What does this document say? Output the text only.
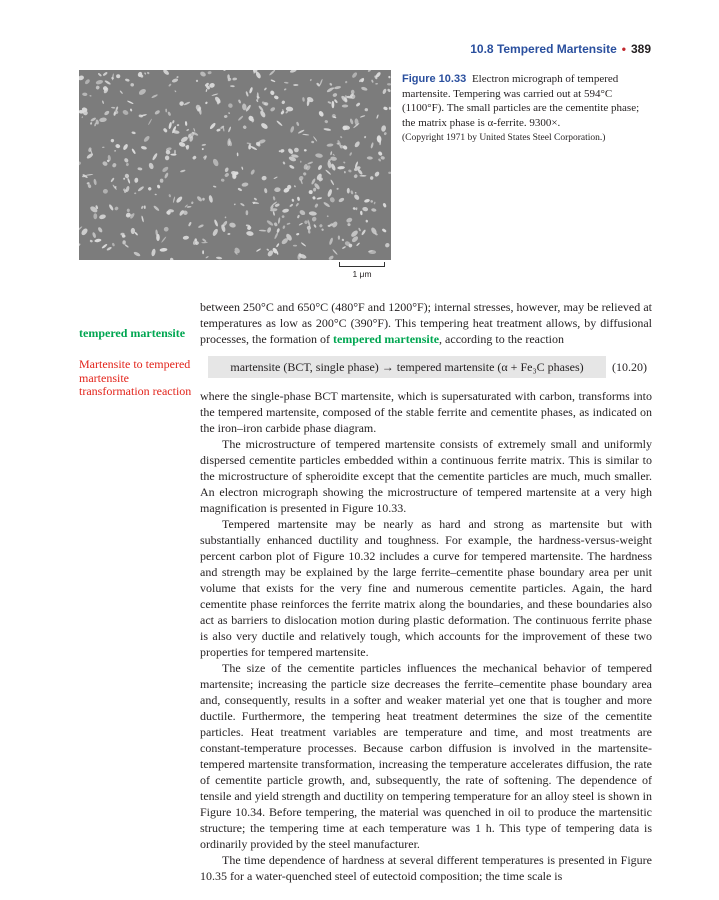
10.8 Tempered Martensite • 389
1 μm
Figure 10.33 Electron micrograph of tempered martensite. Tempering was carried out at 594°C (1100°F). The small particles are the cementite phase; the matrix phase is α-ferrite. 9300×.
(Copyright 1971 by United States Steel Corporation.)

between 250°C and 650°C (480°F and 1200°F); internal stresses, however, may be relieved at temperatures as low as 200°C (390°F). This tempering heat treatment allows, by diffusional processes, the formation of tempered martensite, according to the reaction

tempered martensite
Martensite to tempered martensite transformation reaction
martensite (BCT, single phase) → tempered martensite (α + Fe₃C phases)	(10.20)

where the single-phase BCT martensite, which is supersaturated with carbon, transforms into the tempered martensite, composed of the stable ferrite and cementite phases, as indicated on the iron–iron carbide phase diagram.

The microstructure of tempered martensite consists of extremely small and uniformly dispersed cementite particles embedded within a continuous ferrite matrix. This is similar to the microstructure of spheroidite except that the cementite particles are much, much smaller. An electron micrograph showing the microstructure of tempered martensite at a very high magnification is presented in Figure 10.33.

Tempered martensite may be nearly as hard and strong as martensite but with substantially enhanced ductility and toughness. For example, the hardness-versus-weight percent carbon plot of Figure 10.32 includes a curve for tempered martensite. The hardness and strength may be explained by the large ferrite–cementite phase boundary area per unit volume that exists for the very fine and numerous cementite particles. Again, the hard cementite phase reinforces the ferrite matrix along the boundaries, and these boundaries also act as barriers to dislocation motion during plastic deformation. The continuous ferrite phase is also very ductile and relatively tough, which accounts for the improvement of these two properties for tempered martensite.

The size of the cementite particles influences the mechanical behavior of tempered martensite; increasing the particle size decreases the ferrite–cementite phase boundary area and, consequently, results in a softer and weaker material yet one that is tougher and more ductile. Furthermore, the tempering heat treatment determines the size of the cementite particles. Heat treatment variables are temperature and time, and most treatments are constant-temperature processes. Because carbon diffusion is involved in the martensite-tempered martensite transformation, increasing the temperature accelerates diffusion, the rate of cementite particle growth, and, subsequently, the rate of softening. The dependence of tensile and yield strength and ductility on tempering temperature for an alloy steel is shown in Figure 10.34. Before tempering, the material was quenched in oil to produce the martensitic structure; the tempering time at each temperature was 1 h. This type of tempering data is ordinarily provided by the steel manufacturer.

The time dependence of hardness at several different temperatures is presented in Figure 10.35 for a water-quenched steel of eutectoid composition; the time scale is
